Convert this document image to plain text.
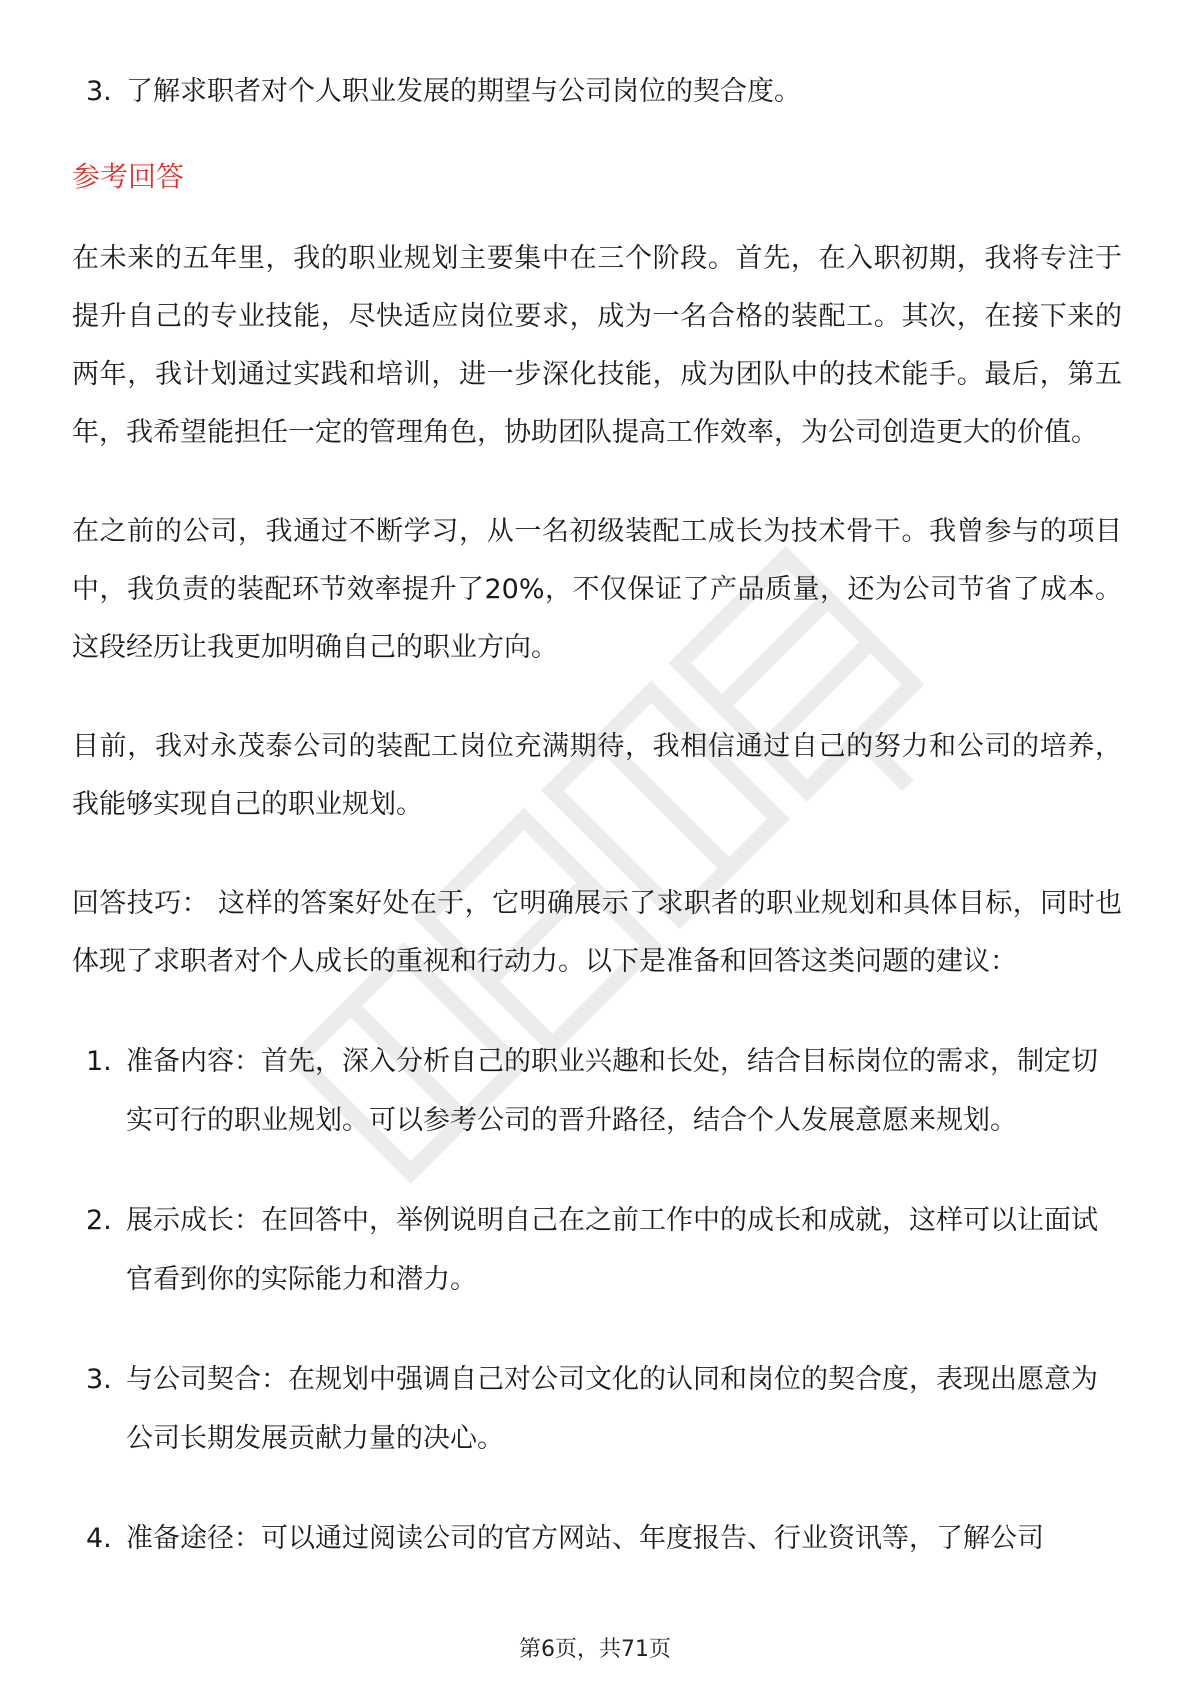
3. 了解求职者对个人职业发展的期望与公司岗位的契合度。
参考回答

在未来的五年里，我的职业规划主要集中在三个阶段。首先，在入职初期，我将专注于提升自己的专业技能，尽快适应岗位要求，成为一名合格的装配工。其次，在接下来的两年，我计划通过实践和培训，进一步深化技能，成为团队中的技术能手。最后，第五年，我希望能担任一定的管理角色，协助团队提高工作效率，为公司创造更大的价值。

在之前的公司，我通过不断学习，从一名初级装配工成长为技术骨干。我曾参与的项目中，我负责的装配环节效率提升了20%，不仅保证了产品质量，还为公司节省了成本。这段经历让我更加明确自己的职业方向。

目前，我对永茂泰公司的装配工岗位充满期待，我相信通过自己的努力和公司的培养，我能够实现自己的职业规划。

回答技巧： 这样的答案好处在于，它明确展示了求职者的职业规划和具体目标，同时也体现了求职者对个人成长的重视和行动力。以下是准备和回答这类问题的建议：

1. 准备内容：首先，深入分析自己的职业兴趣和长处，结合目标岗位的需求，制定切实可行的职业规划。可以参考公司的晋升路径，结合个人发展意愿来规划。
2. 展示成长：在回答中，举例说明自己在之前工作中的成长和成就，这样可以让面试官看到你的实际能力和潜力。
3. 与公司契合：在规划中强调自己对公司文化的认同和岗位的契合度，表现出愿意为公司长期发展贡献力量的决心。
4. 准备途径：可以通过阅读公司的官方网站、年度报告、行业资讯等，了解公司
第6页，共71页
